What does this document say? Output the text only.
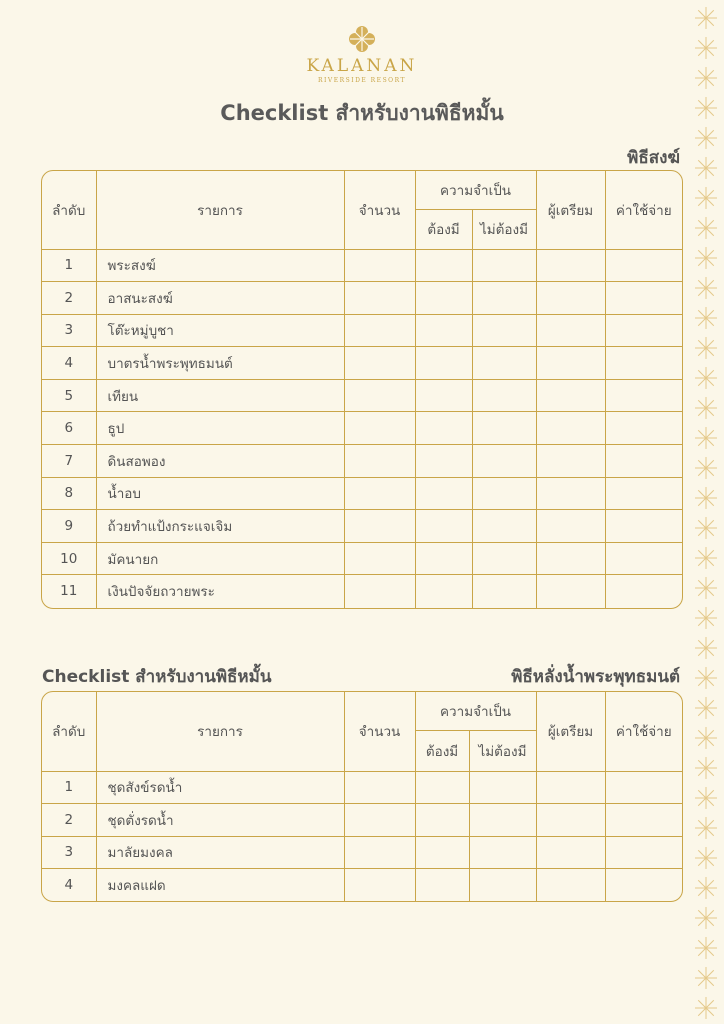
KALANAN
RIVERSIDE RESORT
Checklist สำหรับงานพิธีหมั้น
พิธีสงฆ์
ลำดับ	รายการ	จำนวน	ความจำเป็น		ผู้เตรียม	ค่าใช้จ่าย
			ต้องมี	ไม่ต้องมี		
1	พระสงฆ์					
2	อาสนะสงฆ์					
3	โต๊ะหมู่บูชา					
4	บาตรน้ำพระพุทธมนต์					
5	เทียน					
6	ธูป					
7	ดินสอพอง					
8	น้ำอบ					
9	ถ้วยทำแป้งกระแจเจิม					
10	มัคนายก					
11	เงินปัจจัยถวายพระ					
Checklist สำหรับงานพิธีหมั้น	พิธีหลั่งน้ำพระพุทธมนต์
ลำดับ	รายการ	จำนวน	ความจำเป็น		ผู้เตรียม	ค่าใช้จ่าย
			ต้องมี	ไม่ต้องมี		
1	ชุดสังข์รดน้ำ					
2	ชุดตั่งรดน้ำ					
3	มาลัยมงคล					
4	มงคลแฝด					
